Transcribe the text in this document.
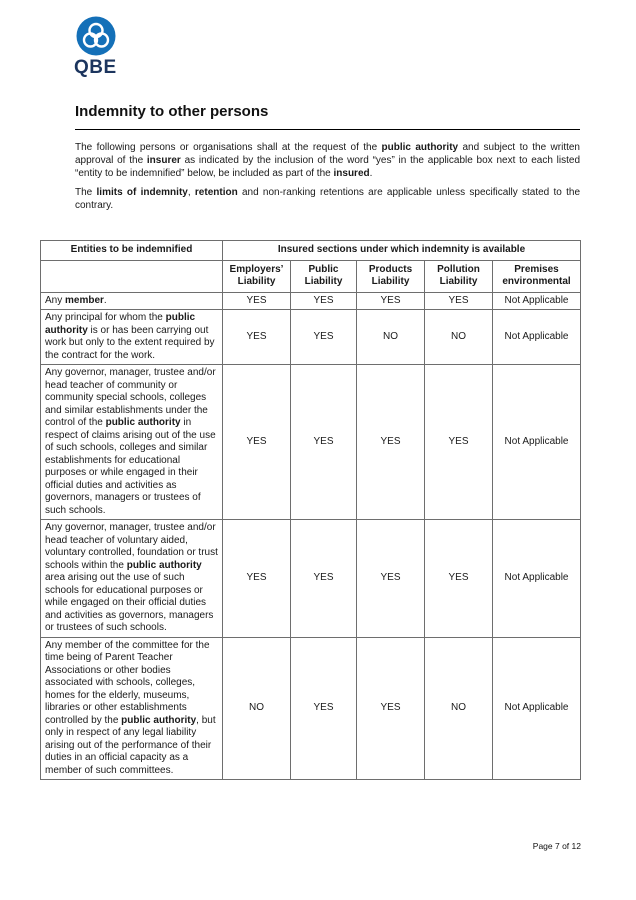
QBE
Indemnity to other persons

The following persons or organisations shall at the request of the public authority and subject to the written approval of the insurer as indicated by the inclusion of the word “yes” in the applicable box next to each listed “entity to be indemnified” below, be included as part of the insured.

The limits of indemnity, retention and non-ranking retentions are applicable unless specifically stated to the contrary.

Entities to be indemnified	Insured sections under which indemnity is available				
	Employers’ Liability	Public Liability	Products Liability	Pollution Liability	Premises environmental
Any member.	YES	YES	YES	YES	Not Applicable
Any principal for whom the public authority is or has been carrying out work but only to the extent required by the contract for the work.	YES	YES	NO	NO	Not Applicable
Any governor, manager, trustee and/or head teacher of community or community special schools, colleges and similar establishments under the control of the public authority in respect of claims arising out of the use of such schools, colleges and similar establishments for educational purposes or while engaged in their official duties and activities as governors, managers or trustees of such schools.	YES	YES	YES	YES	Not Applicable
Any governor, manager, trustee and/or head teacher of voluntary aided, voluntary controlled, foundation or trust schools within the public authority area arising out the use of such schools for educational purposes or while engaged on their official duties and activities as governors, managers or trustees of such schools.	YES	YES	YES	YES	Not Applicable
Any member of the committee for the time being of Parent Teacher Associations or other bodies associated with schools, colleges, homes for the elderly, museums, libraries or other establishments controlled by the public authority, but only in respect of any legal liability arising out of the performance of their duties in an official capacity as a member of such committees.	NO	YES	YES	NO	Not Applicable
Page 7 of 12
